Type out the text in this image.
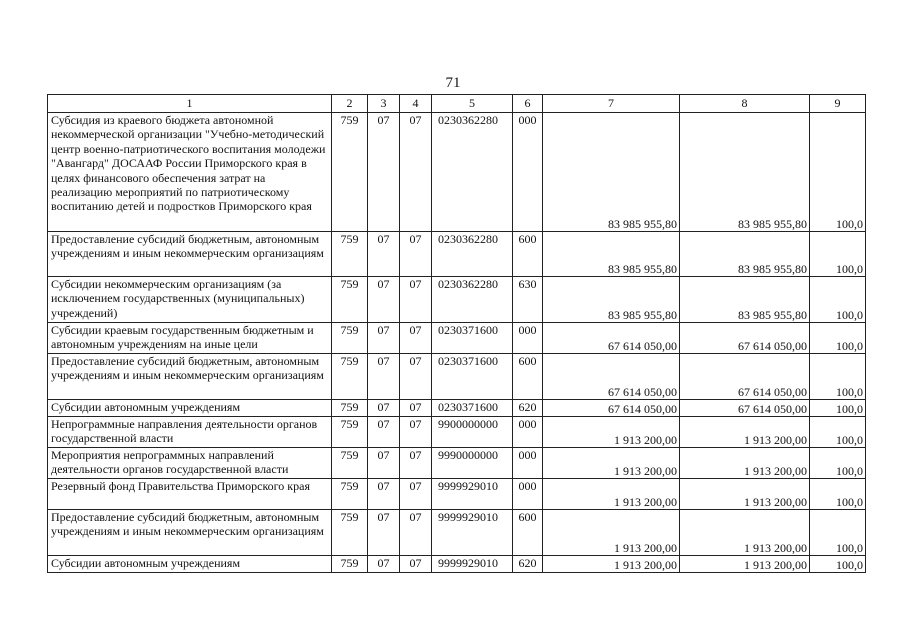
71
1	2	3	4	5	6	7	8	9
Субсидия из краевого бюджета автономной некоммерческой организации "Учебно-методический центр военно-патриотического воспитания молодежи "Авангард" ДОСААФ России Приморского края в целях финансового обеспечения затрат на реализацию мероприятий по патриотическому воспитанию детей и подростков Приморского края	759	07	07	0230362280	000	83 985 955,80	83 985 955,80	100,0
Предоставление субсидий бюджетным, автономным учреждениям и иным некоммерческим организациям	759	07	07	0230362280	600	83 985 955,80	83 985 955,80	100,0
Субсидии некоммерческим организациям (за исключением государственных (муниципальных) учреждений)	759	07	07	0230362280	630	83 985 955,80	83 985 955,80	100,0
Субсидии краевым государственным бюджетным и автономным учреждениям на иные цели	759	07	07	0230371600	000	67 614 050,00	67 614 050,00	100,0
Предоставление субсидий бюджетным, автономным учреждениям и иным некоммерческим организациям	759	07	07	0230371600	600	67 614 050,00	67 614 050,00	100,0
Субсидии автономным учреждениям	759	07	07	0230371600	620	67 614 050,00	67 614 050,00	100,0
Непрограммные направления деятельности органов государственной власти	759	07	07	9900000000	000	1 913 200,00	1 913 200,00	100,0
Мероприятия непрограммных направлений деятельности органов государственной власти	759	07	07	9990000000	000	1 913 200,00	1 913 200,00	100,0
Резервный фонд Правительства Приморского края	759	07	07	9999929010	000	1 913 200,00	1 913 200,00	100,0
Предоставление субсидий бюджетным, автономным учреждениям и иным некоммерческим организациям	759	07	07	9999929010	600	1 913 200,00	1 913 200,00	100,0
Субсидии автономным учреждениям	759	07	07	9999929010	620	1 913 200,00	1 913 200,00	100,0
